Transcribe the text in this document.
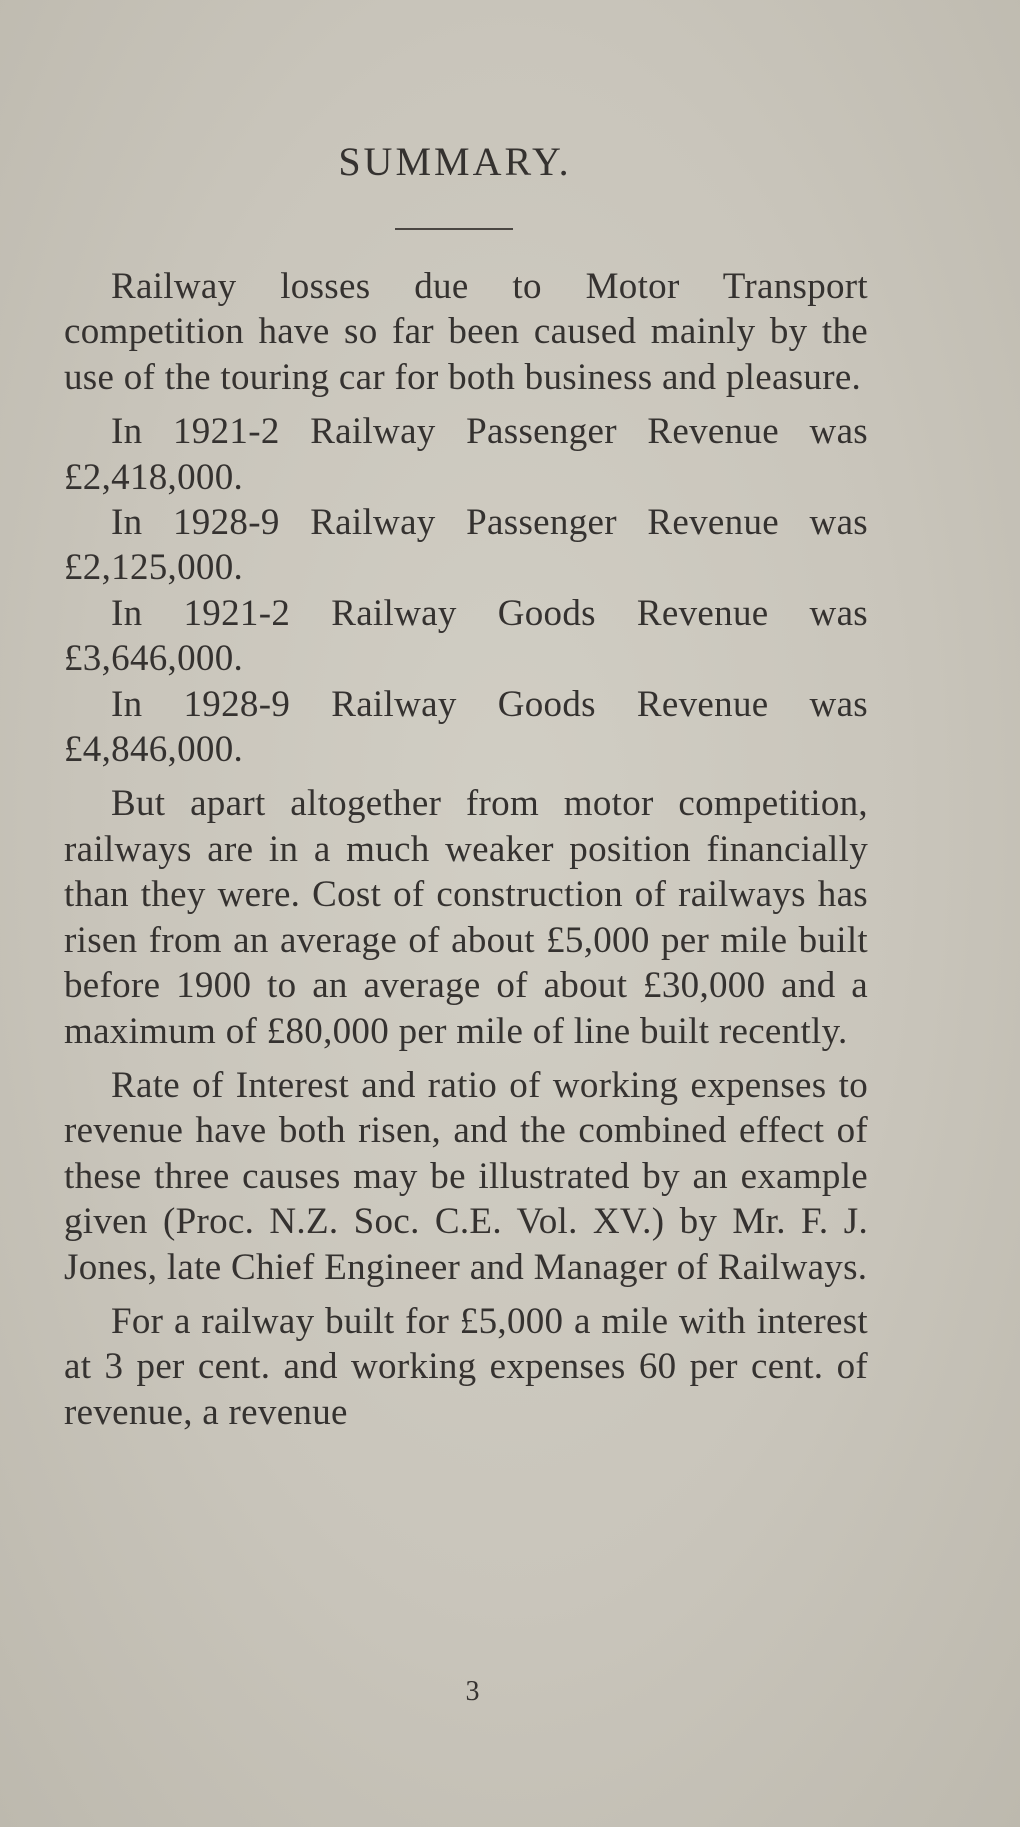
SUMMARY.

Railway losses due to Motor Transport competition have so far been caused mainly by the use of the touring car for both business and pleasure.

In 1921-2 Railway Passenger Revenue was £2,418,000.

In 1928-9 Railway Passenger Revenue was £2,125,000.

In 1921-2 Railway Goods Revenue was £3,646,000.

In 1928-9 Railway Goods Revenue was £4,846,000.

But apart altogether from motor competition, railways are in a much weaker position financially than they were. Cost of construction of railways has risen from an average of about £5,000 per mile built before 1900 to an average of about £30,000 and a maximum of £80,000 per mile of line built recently.

Rate of Interest and ratio of working expenses to revenue have both risen, and the combined effect of these three causes may be illustrated by an example given (Proc. N.Z. Soc. C.E. Vol. XV.) by Mr. F. J. Jones, late Chief Engineer and Manager of Railways.

For a railway built for £5,000 a mile with interest at 3 per cent. and working expenses 60 per cent. of revenue, a revenue

3
